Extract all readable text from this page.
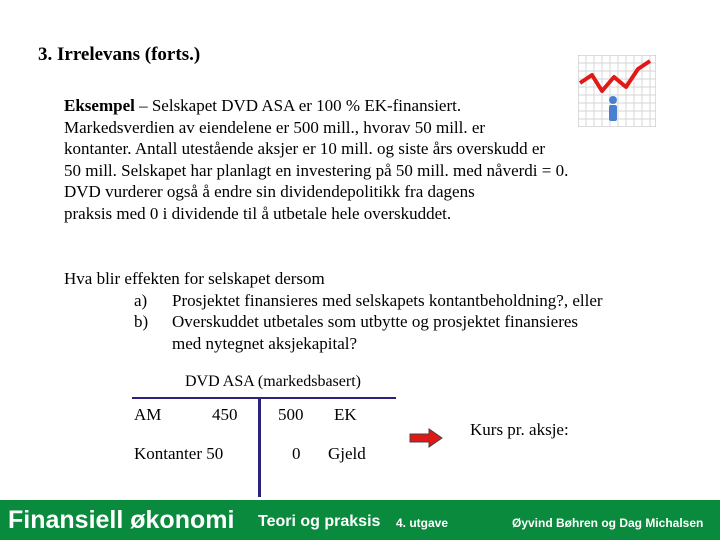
3. Irrelevans (forts.)
Eksempel – Selskapet DVD ASA er 100 % EK-finansiert.
Markedsverdien av eiendelene er 500 mill., hvorav 50 mill. er
kontanter. Antall utestående aksjer er 10 mill. og siste års overskudd er
50 mill. Selskapet har planlagt en investering på 50 mill. med nåverdi = 0.
DVD vurderer også å endre sin dividendepolitikk fra dagens
praksis med 0 i dividende til å utbetale hele overskuddet.
Hva blir effekten for selskapet dersom
a) Prosjektet finansieres med selskapets kontantbeholdning?, eller
b) Overskuddet utbetales som utbytte og prosjektet finansieres
med nytegnet aksjekapital?
DVD ASA (markedsbasert)
AM	450
Kontanter 50
500
0
EK
Gjeld
Kurs pr. aksje:
Finansiell økonomi Teori og praksis 4. utgave	Øyvind Bøhren og Dag Michalsen
